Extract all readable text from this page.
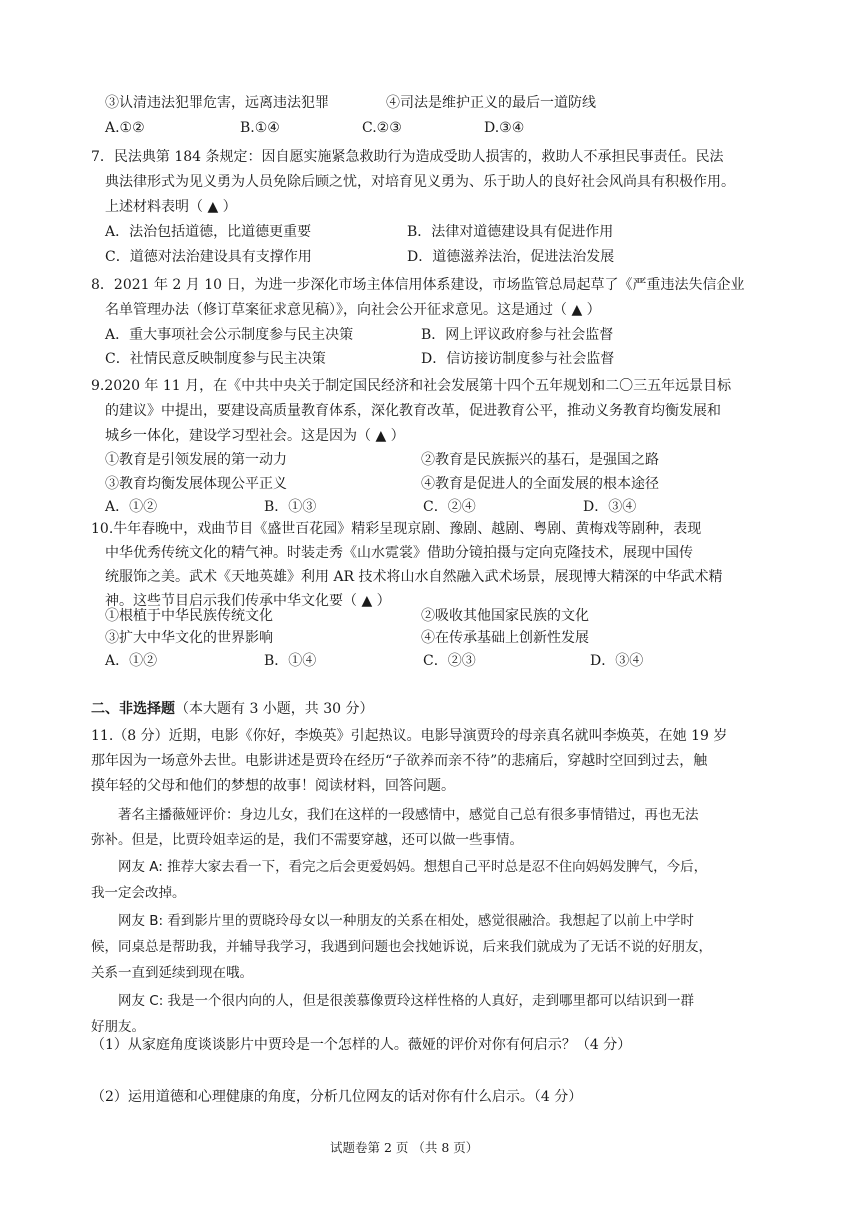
③认清违法犯罪危害，远离违法犯罪	④司法是维护正义的最后一道防线
A.①②	B.①④	C.②③	D.③④
7．民法典第 184 条规定：因自愿实施紧急救助行为造成受助人损害的，救助人不承担民事责任。民法
典法律形式为见义勇为人员免除后顾之忧，对培育见义勇为、乐于助人的良好社会风尚具有积极作用。
上述材料表明（ ▲ ）
A．法治包括道德，比道德更重要	B．法律对道德建设具有促进作用
C．道德对法治建设具有支撑作用	D．道德滋养法治，促进法治发展
8．2021 年 2 月 10 日，为进一步深化市场主体信用体系建设，市场监管总局起草了《严重违法失信企业
名单管理办法（修订草案征求意见稿）》，向社会公开征求意见。这是通过（ ▲ ）
A．重大事项社会公示制度参与民主决策	B．网上评议政府参与社会监督
C．社情民意反映制度参与民主决策	D．信访接访制度参与社会监督
9.2020 年 11 月，在《中共中央关于制定国民经济和社会发展第十四个五年规划和二〇三五年远景目标
的建议》中提出，要建设高质量教育体系，深化教育改革，促进教育公平，推动义务教育均衡发展和
城乡一体化，建设学习型社会。这是因为（ ▲ ）
①教育是引领发展的第一动力	②教育是民族振兴的基石，是强国之路
③教育均衡发展体现公平正义	④教育是促进人的全面发展的根本途径
A．①②	B．①③	C．②④	D．③④
10.牛年春晚中，戏曲节目《盛世百花园》精彩呈现京剧、豫剧、越剧、粤剧、黄梅戏等剧种，表现
中华优秀传统文化的精气神。时装走秀《山水霓裳》借助分镜拍摄与定向克隆技术，展现中国传
统服饰之美。武术《天地英雄》利用 AR 技术将山水自然融入武术场景，展现博大精深的中华武术精
神。这些节目启示我们传承中华文化要（ ▲ ）
①根植于中华民族传统文化	②吸收其他国家民族的文化
③扩大中华文化的世界影响	④在传承基础上创新性发展
A．①②	B．①④	C．②③	D．③④
二、非选择题（本大题有 3 小题，共 30 分）
11.（8 分）近期，电影《你好，李焕英》引起热议。电影导演贾玲的母亲真名就叫李焕英，在她 19 岁
那年因为一场意外去世。电影讲述是贾玲在经历“子欲养而亲不待”的悲痛后，穿越时空回到过去，触
摸年轻的父母和他们的梦想的故事！阅读材料，回答问题。
著名主播薇娅评价：身边儿女，我们在这样的一段感情中，感觉自己总有很多事情错过，再也无法
弥补。但是，比贾玲姐幸运的是，我们不需要穿越，还可以做一些事情。
网友 A: 推荐大家去看一下，看完之后会更爱妈妈。想想自己平时总是忍不住向妈妈发脾气，今后，
我一定会改掉。
网友 B: 看到影片里的贾晓玲母女以一种朋友的关系在相处，感觉很融洽。我想起了以前上中学时
候，同桌总是帮助我，并辅导我学习，我遇到问题也会找她诉说，后来我们就成为了无话不说的好朋友，
关系一直到延续到现在哦。
网友 C: 我是一个很内向的人，但是很羡慕像贾玲这样性格的人真好，走到哪里都可以结识到一群
好朋友。
（1）从家庭角度谈谈影片中贾玲是一个怎样的人。薇娅的评价对你有何启示？（4 分）
（2）运用道德和心理健康的角度，分析几位网友的话对你有什么启示。（4 分）
试题卷第 2 页 （共 8 页）
